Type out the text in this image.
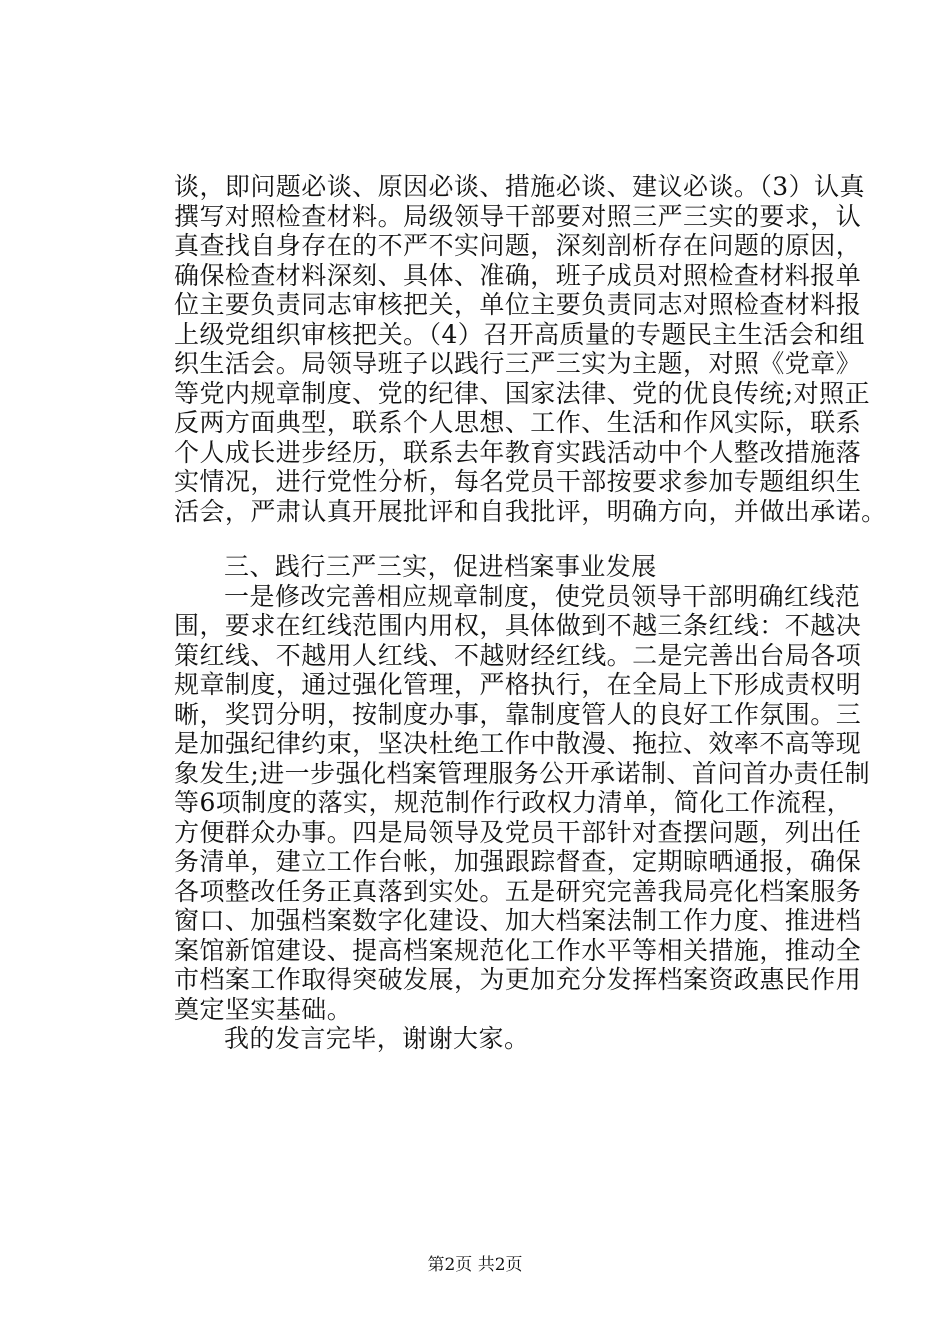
谈，即问题必谈、原因必谈、措施必谈、建议必谈。（3）认真
撰写对照检查材料。局级领导干部要对照三严三实的要求，认
真查找自身存在的不严不实问题，深刻剖析存在问题的原因，
确保检查材料深刻、具体、准确，班子成员对照检查材料报单
位主要负责同志审核把关，单位主要负责同志对照检查材料报
上级党组织审核把关。（4）召开高质量的专题民主生活会和组
织生活会。局领导班子以践行三严三实为主题，对照《党章》
等党内规章制度、党的纪律、国家法律、党的优良传统;对照正
反两方面典型，联系个人思想、工作、生活和作风实际，联系
个人成长进步经历，联系去年教育实践活动中个人整改措施落
实情况，进行党性分析，每名党员干部按要求参加专题组织生
活会，严肃认真开展批评和自我批评，明确方向，并做出承诺。
三、践行三严三实，促进档案事业发展
一是修改完善相应规章制度，使党员领导干部明确红线范
围，要求在红线范围内用权，具体做到不越三条红线：不越决
策红线、不越用人红线、不越财经红线。二是完善出台局各项
规章制度，通过强化管理，严格执行，在全局上下形成责权明
晰，奖罚分明，按制度办事，靠制度管人的良好工作氛围。三
是加强纪律约束，坚决杜绝工作中散漫、拖拉、效率不高等现
象发生;进一步强化档案管理服务公开承诺制、首问首办责任制
等6项制度的落实，规范制作行政权力清单，简化工作流程，
方便群众办事。四是局领导及党员干部针对查摆问题，列出任
务清单，建立工作台帐，加强跟踪督查，定期晾晒通报，确保
各项整改任务正真落到实处。五是研究完善我局亮化档案服务
窗口、加强档案数字化建设、加大档案法制工作力度、推进档
案馆新馆建设、提高档案规范化工作水平等相关措施，推动全
市档案工作取得突破发展，为更加充分发挥档案资政惠民作用
奠定坚实基础。
我的发言完毕，谢谢大家。
第2页 共2页
